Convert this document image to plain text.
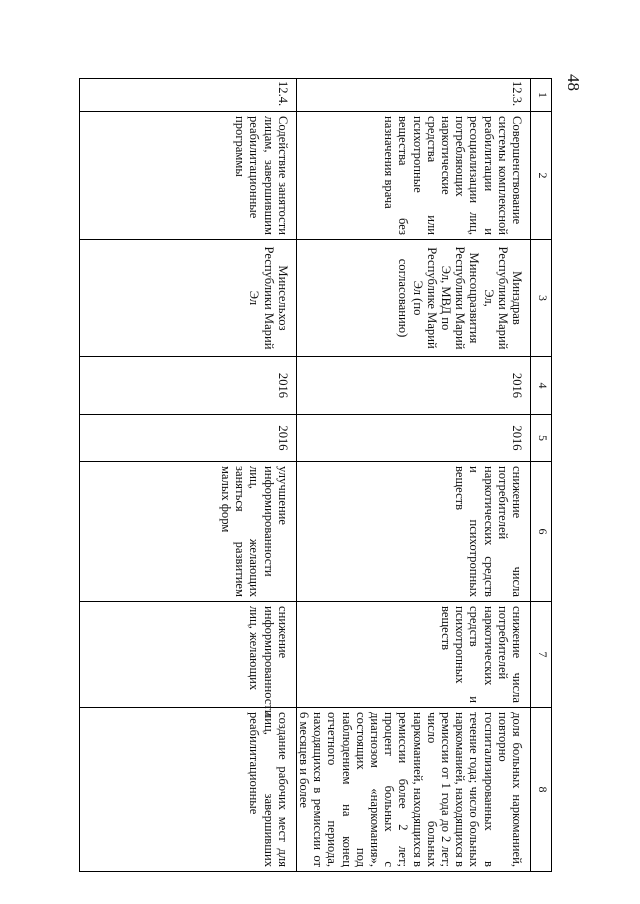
48
1	2	3	4	5	6	7	8
12.3.	Совершенствование системы комплексной реабилитации и ресоциализации лиц, потребляющих наркотические средства или психотропные вещества без назначения врача	Минздрав Республики Марий Эл, Минсоцразвития Республики Марий Эл, МВД по Республике Марий Эл (по согласованию)	2016	2016	снижение числа потребителей наркотических средств и психотропных веществ	снижение числа потребителей наркотических средств и психотропных веществ	доля больных наркоманией, повторно госпитализированных в течение года; число больных наркоманией, находящихся в ремиссии от 1 года до 2 лет; число больных наркоманией, находящихся в ремиссии более 2 лет; процент больных с диагнозом «наркомания», состоящих под наблюдением на конец отчетного периода, находящихся в ремиссии от 6 месяцев и более
12.4.	Содействие занятости лицам, завершившим реабилитационные программы	Минсельхоз Республики Марий Эл	2016	2016	улучшение информированности лиц, желающих заняться развитием малых форм	снижение информированности лиц, желающих	создание рабочих мест для лиц, завершивших реабилитационные
